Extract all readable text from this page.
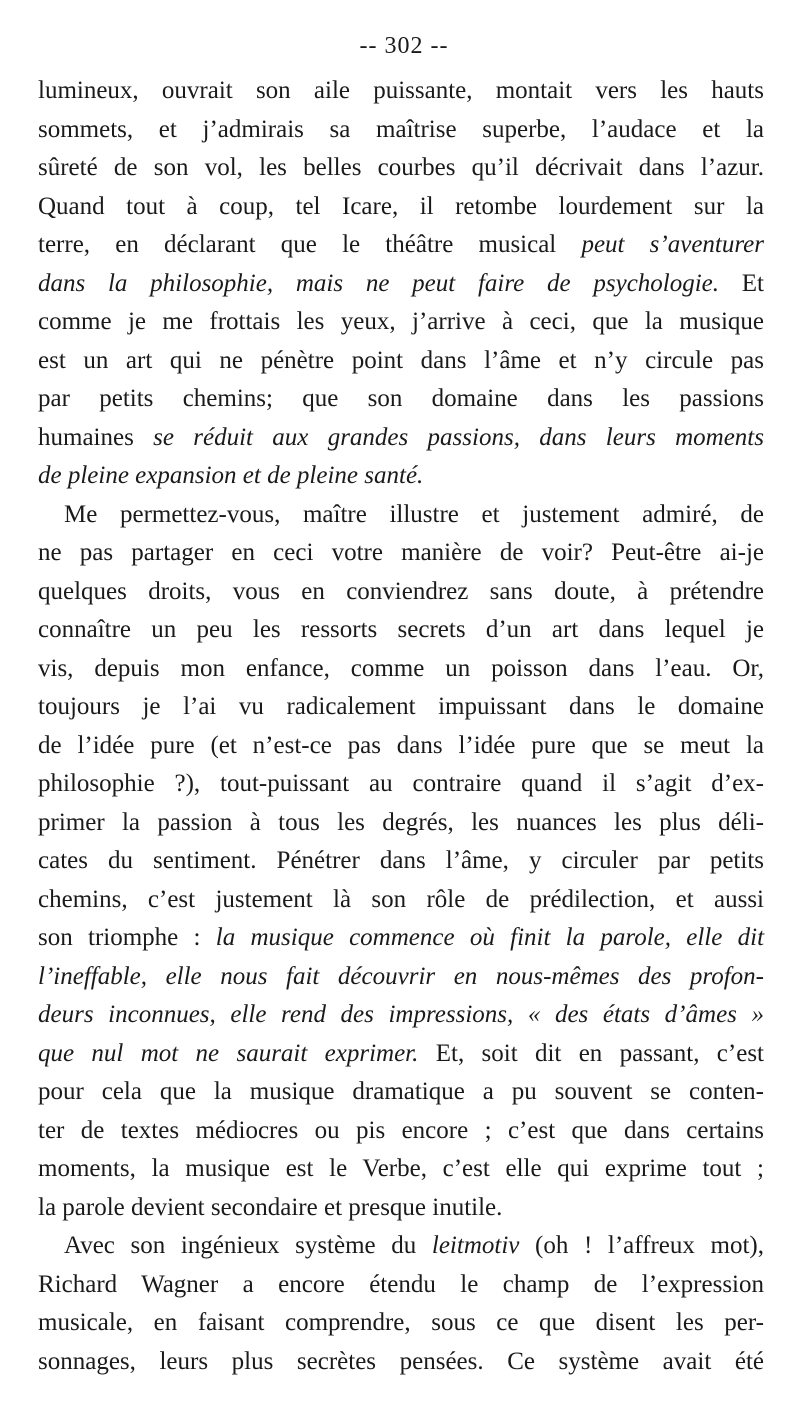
-- 302 --
lumineux, ouvrait son aile puissante, montait vers les hauts
sommets, et j’admirais sa maîtrise superbe, l’audace et la
sûreté de son vol, les belles courbes qu’il décrivait dans l’azur.
Quand tout à coup, tel Icare, il retombe lourdement sur la
terre, en déclarant que le théâtre musical peut s’aventurer
dans la philosophie, mais ne peut faire de psychologie. Et
comme je me frottais les yeux, j’arrive à ceci, que la musique
est un art qui ne pénètre point dans l’âme et n’y circule pas
par petits chemins; que son domaine dans les passions
humaines se réduit aux grandes passions, dans leurs moments
de pleine expansion et de pleine santé.
Me permettez-vous, maître illustre et justement admiré, de
ne pas partager en ceci votre manière de voir? Peut-être ai-je
quelques droits, vous en conviendrez sans doute, à prétendre
connaître un peu les ressorts secrets d’un art dans lequel je
vis, depuis mon enfance, comme un poisson dans l’eau. Or,
toujours je l’ai vu radicalement impuissant dans le domaine
de l’idée pure (et n’est-ce pas dans l’idée pure que se meut la
philosophie ?), tout-puissant au contraire quand il s’agit d’ex-
primer la passion à tous les degrés, les nuances les plus déli-
cates du sentiment. Pénétrer dans l’âme, y circuler par petits
chemins, c’est justement là son rôle de prédilection, et aussi
son triomphe : la musique commence où finit la parole, elle dit
l’ineffable, elle nous fait découvrir en nous-mêmes des profon-
deurs inconnues, elle rend des impressions, « des états d’âmes »
que nul mot ne saurait exprimer. Et, soit dit en passant, c’est
pour cela que la musique dramatique a pu souvent se conten-
ter de textes médiocres ou pis encore ; c’est que dans certains
moments, la musique est le Verbe, c’est elle qui exprime tout ;
la parole devient secondaire et presque inutile.
Avec son ingénieux système du leitmotiv (oh ! l’affreux mot),
Richard Wagner a encore étendu le champ de l’expression
musicale, en faisant comprendre, sous ce que disent les per-
sonnages, leurs plus secrètes pensées. Ce système avait été
